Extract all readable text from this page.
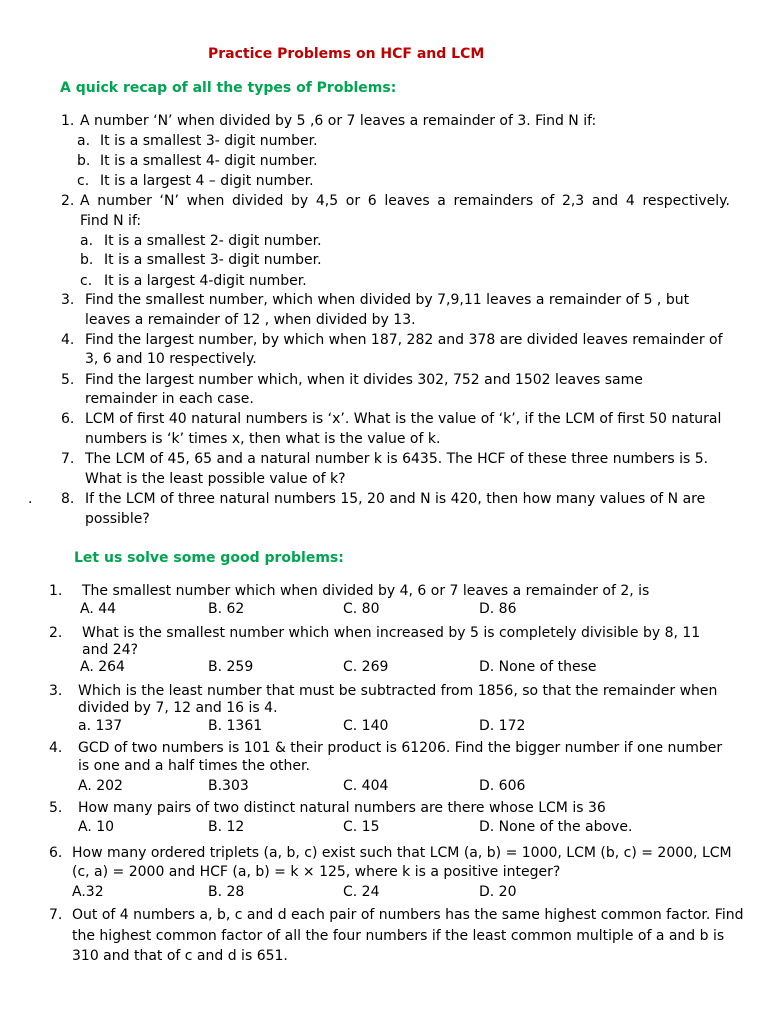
Practice Problems on HCF and LCM
A quick recap of all the types of Problems:
1. A number ‘N’ when divided by 5 ,6 or 7 leaves a remainder of 3. Find N if:
a. It is a smallest 3- digit number.
b. It is a smallest 4- digit number.
c. It is a largest 4 – digit number.
2. A number ‘N’ when divided by 4,5 or 6 leaves a remainders of 2,3 and 4 respectively.
Find N if:
a. It is a smallest 2- digit number.
b. It is a smallest 3- digit number.
c. It is a largest 4-digit number.
3. Find the smallest number, which when divided by 7,9,11 leaves a remainder of 5 , but
leaves a remainder of 12 , when divided by 13.
4. Find the largest number, by which when 187, 282 and 378 are divided leaves remainder of
3, 6 and 10 respectively.
5. Find the largest number which, when it divides 302, 752 and 1502 leaves same
remainder in each case.
6. LCM of first 40 natural numbers is ‘x’. What is the value of ‘k’, if the LCM of first 50 natural
numbers is ‘k’ times x, then what is the value of k.
7. The LCM of 45, 65 and a natural number k is 6435. The HCF of these three numbers is 5.
What is the least possible value of k?
. 8. If the LCM of three natural numbers 15, 20 and N is 420, then how many values of N are
possible?
Let us solve some good problems:
1. The smallest number which when divided by 4, 6 or 7 leaves a remainder of 2, is
A. 44	B. 62	C. 80	D. 86
2. What is the smallest number which when increased by 5 is completely divisible by 8, 11
and 24?
A. 264	B. 259	C. 269	D. None of these
3. Which is the least number that must be subtracted from 1856, so that the remainder when
divided by 7, 12 and 16 is 4.
a. 137	B. 1361	C. 140	D. 172
4. GCD of two numbers is 101 & their product is 61206. Find the bigger number if one number
is one and a half times the other.
A. 202	B.303	C. 404	D. 606
5. How many pairs of two distinct natural numbers are there whose LCM is 36
A. 10	B. 12	C. 15	D. None of the above.
6. How many ordered triplets (a, b, c) exist such that LCM (a, b) = 1000, LCM (b, c) = 2000, LCM
(c, a) = 2000 and HCF (a, b) = k × 125, where k is a positive integer?
A.32	B. 28	C. 24	D. 20
7. Out of 4 numbers a, b, c and d each pair of numbers has the same highest common factor. Find
the highest common factor of all the four numbers if the least common multiple of a and b is
310 and that of c and d is 651.
